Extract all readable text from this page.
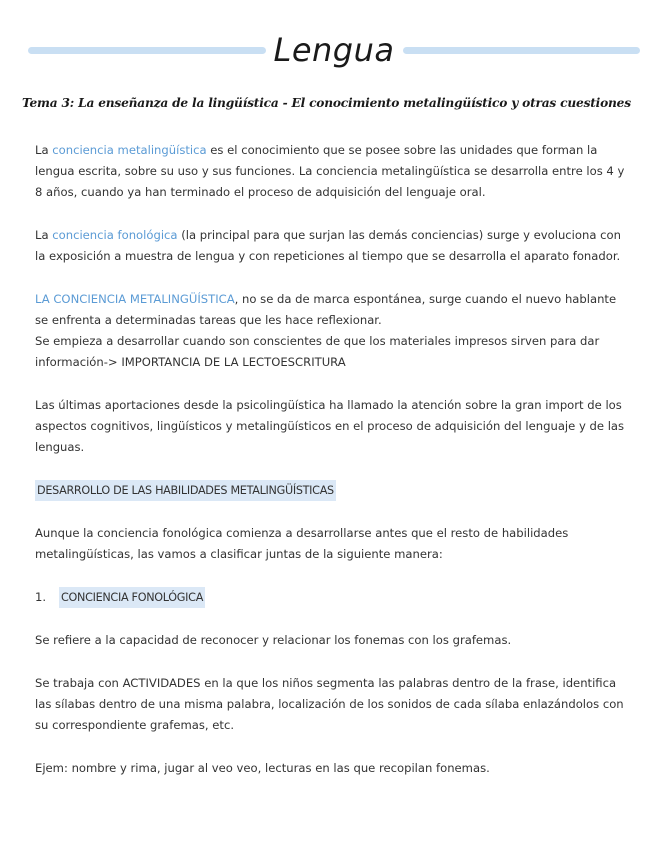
Lengua
Tema 3: La enseñanza de la lingüística - El conocimiento metalingüístico y otras cuestiones

La conciencia metalingüística es el conocimiento que se posee sobre las unidades que forman la lengua escrita, sobre su uso y sus funciones. La conciencia metalingüística se desarrolla entre los 4 y 8 años, cuando ya han terminado el proceso de adquisición del lenguaje oral.

La conciencia fonológica (la principal para que surjan las demás conciencias) surge y evoluciona con la exposición a muestra de lengua y con repeticiones al tiempo que se desarrolla el aparato fonador.

LA CONCIENCIA METALINGÜÍSTICA, no se da de marca espontánea, surge cuando el nuevo hablante se enfrenta a determinadas tareas que les hace reflexionar.

Se empieza a desarrollar cuando son conscientes de que los materiales impresos sirven para dar información-> IMPORTANCIA DE LA LECTOESCRITURA

Las últimas aportaciones desde la psicolingüística ha llamado la atención sobre la gran import de los aspectos cognitivos, lingüísticos y metalingüísticos en el proceso de adquisición del lenguaje y de las lenguas.

DESARROLLO DE LAS HABILIDADES METALINGÜÍSTICAS

Aunque la conciencia fonológica comienza a desarrollarse antes que el resto de habilidades metalingüísticas, las vamos a clasificar juntas de la siguiente manera:

1. CONCIENCIA FONOLÓGICA

Se refiere a la capacidad de reconocer y relacionar los fonemas con los grafemas.

Se trabaja con ACTIVIDADES en la que los niños segmenta las palabras dentro de la frase, identifica las sílabas dentro de una misma palabra, localización de los sonidos de cada sílaba enlazándolos con su correspondiente grafemas, etc.

Ejem: nombre y rima, jugar al veo veo, lecturas en las que recopilan fonemas.
